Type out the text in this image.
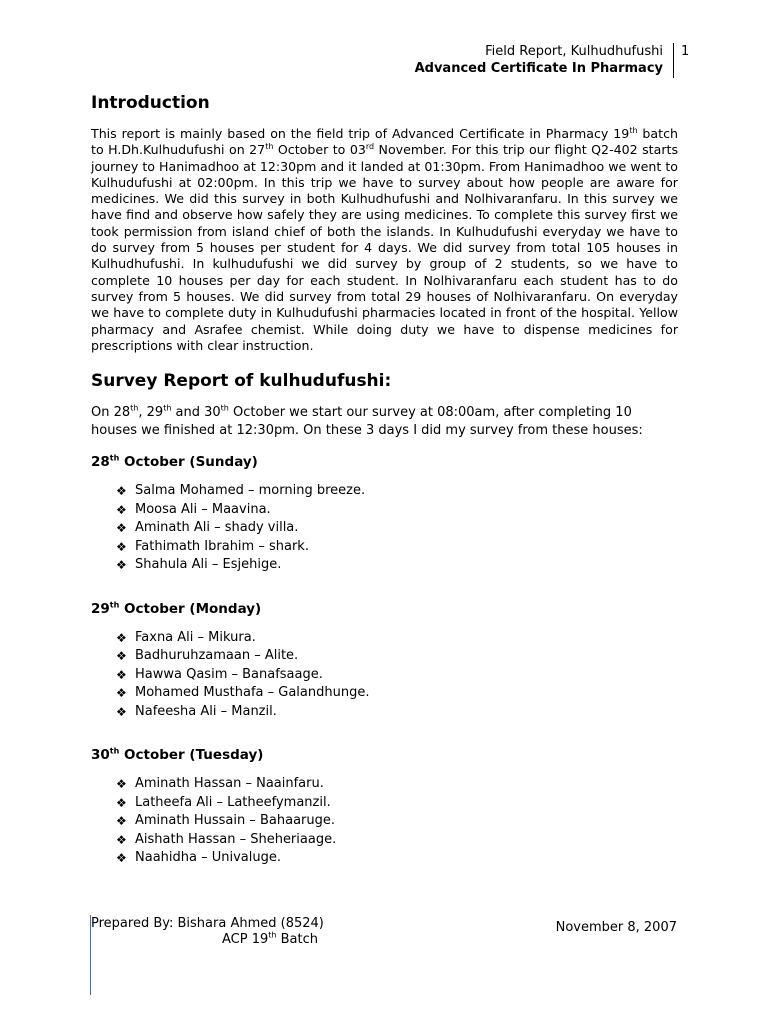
Field Report, Kulhudhufushi
Advanced Certificate In Pharmacy
1
Introduction

This report is mainly based on the field trip of Advanced Certificate in Pharmacy 19th batch to H.Dh.Kulhudufushi on 27th October to 03rd November. For this trip our flight Q2-402 starts journey to Hanimadhoo at 12:30pm and it landed at 01:30pm. From Hanimadhoo we went to Kulhudufushi at 02:00pm. In this trip we have to survey about how people are aware for medicines. We did this survey in both Kulhudhufushi and Nolhivaranfaru. In this survey we have find and observe how safely they are using medicines. To complete this survey first we took permission from island chief of both the islands. In Kulhudufushi everyday we have to do survey from 5 houses per student for 4 days. We did survey from total 105 houses in Kulhudhufushi. In kulhudufushi we did survey by group of 2 students, so we have to complete 10 houses per day for each student. In Nolhivaranfaru each student has to do survey from 5 houses. We did survey from total 29 houses of Nolhivaranfaru. On everyday we have to complete duty in Kulhudufushi pharmacies located in front of the hospital. Yellow pharmacy and Asrafee chemist. While doing duty we have to dispense medicines for prescriptions with clear instruction.

Survey Report of kulhudufushi:

On 28th, 29th and 30th October we start our survey at 08:00am, after completing 10 houses we finished at 12:30pm. On these 3 days I did my survey from these houses:

28th October (Sunday)
❖ Salma Mohamed – morning breeze.
❖ Moosa Ali – Maavina.
❖ Aminath Ali – shady villa.
❖ Fathimath Ibrahim – shark.
❖ Shahula Ali – Esjehige.
29th October (Monday)
❖ Faxna Ali – Mikura.
❖ Badhuruhzamaan – Alite.
❖ Hawwa Qasim – Banafsaage.
❖ Mohamed Musthafa – Galandhunge.
❖ Nafeesha Ali – Manzil.
30th October (Tuesday)
❖ Aminath Hassan – Naainfaru.
❖ Latheefa Ali – Latheefymanzil.
❖ Aminath Hussain – Bahaaruge.
❖ Aishath Hassan – Sheheriaage.
❖ Naahidha – Univaluge.
Prepared By: Bishara Ahmed (8524)
ACP 19th Batch
November 8, 2007
